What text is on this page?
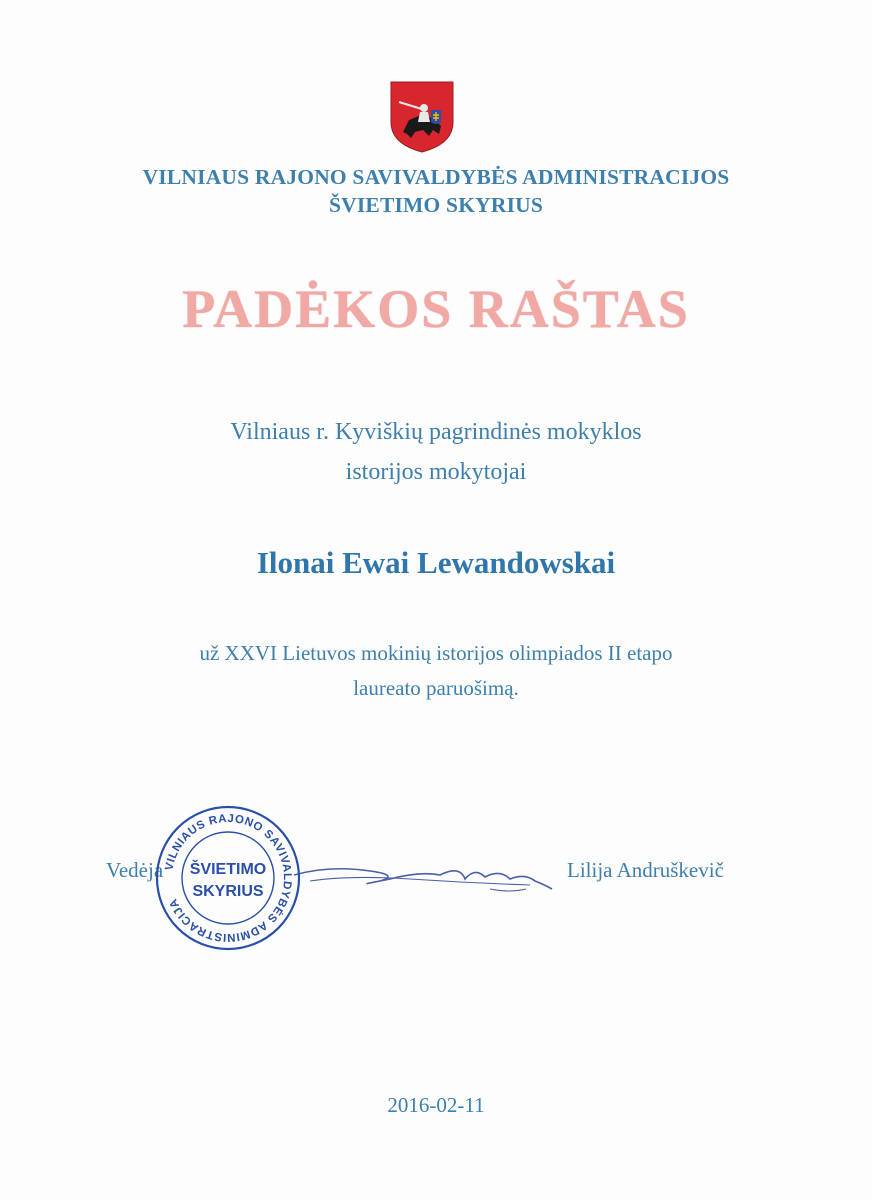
VILNIAUS RAJONO SAVIVALDYBĖS ADMINISTRACIJOS
ŠVIETIMO SKYRIUS
PADĖKOS RAŠTAS
Vilniaus r. Kyviškių pagrindinės mokyklos
istorijos mokytojai
Ilonai Ewai Lewandowskai
už XXVI Lietuvos mokinių istorijos olimpiados II etapo
laureato paruošimą.
Vedėja	Lilija Andruškevič
VILNIAUS RAJONO SAVIVALDYBĖS ADMINISTRACIJA
ŠVIETIMO
SKYRIUS
2016-02-11
